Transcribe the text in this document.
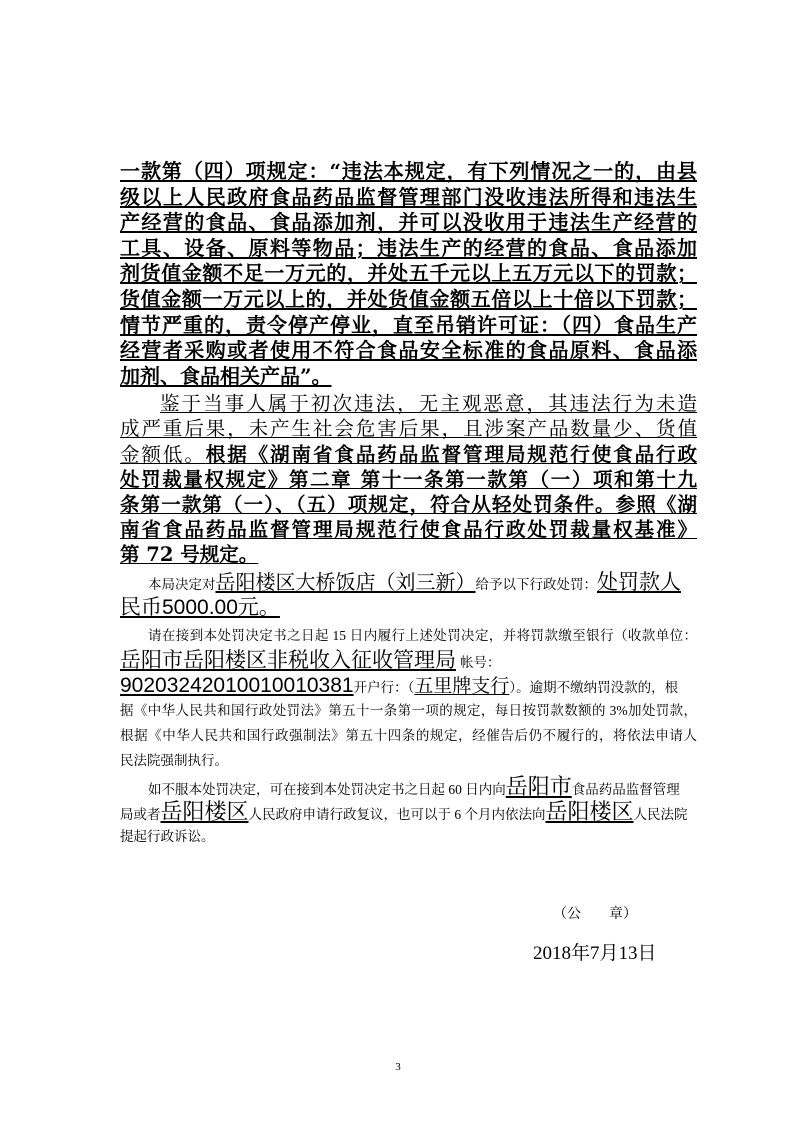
一款第（四）项规定：“违法本规定，有下列情况之一的，由县
级以上人民政府食品药品监督管理部门没收违法所得和违法生
产经营的食品、食品添加剂，并可以没收用于违法生产经营的
工具、设备、原料等物品；违法生产的经营的食品、食品添加
剂货值金额不足一万元的，并处五千元以上五万元以下的罚款；
货值金额一万元以上的，并处货值金额五倍以上十倍以下罚款；
情节严重的，责令停产停业，直至吊销许可证：（四）食品生产
经营者采购或者使用不符合食品安全标准的食品原料、食品添
加剂、食品相关产品”。
鉴于当事人属于初次违法，无主观恶意，其违法行为未造
成严重后果，未产生社会危害后果，且涉案产品数量少、货值
金额低。根据《湖南省食品药品监督管理局规范行使食品行政
处罚裁量权规定》第二章 第十一条第一款第（一）项和第十九
条第一款第（一）、（五）项规定，符合从轻处罚条件。参照《湖
南省食品药品监督管理局规范行使食品行政处罚裁量权基准》
第 72 号规定。
本局决定对岳阳楼区大桥饭店（刘三新）给予以下行政处罚：处罚款人
民币5000.00元。
请在接到本处罚决定书之日起 15 日内履行上述处罚决定，并将罚款缴至银行（收款单位：
岳阳市岳阳楼区非税收入征收管理局 帐号：
90203242010010010381开户行：（五里牌支行）。逾期不缴纳罚没款的，根
据《中华人民共和国行政处罚法》第五十一条第一项的规定，每日按罚款数额的 3%加处罚款，
根据《中华人民共和国行政强制法》第五十四条的规定，经催告后仍不履行的，将依法申请人
民法院强制执行。
如不服本处罚决定，可在接到本处罚决定书之日起 60 日内向岳阳市食品药品监督管理
局或者岳阳楼区人民政府申请行政复议，也可以于 6 个月内依法向岳阳楼区人民法院
提起行政诉讼。
（公　　章）
2018年7月13日
3
